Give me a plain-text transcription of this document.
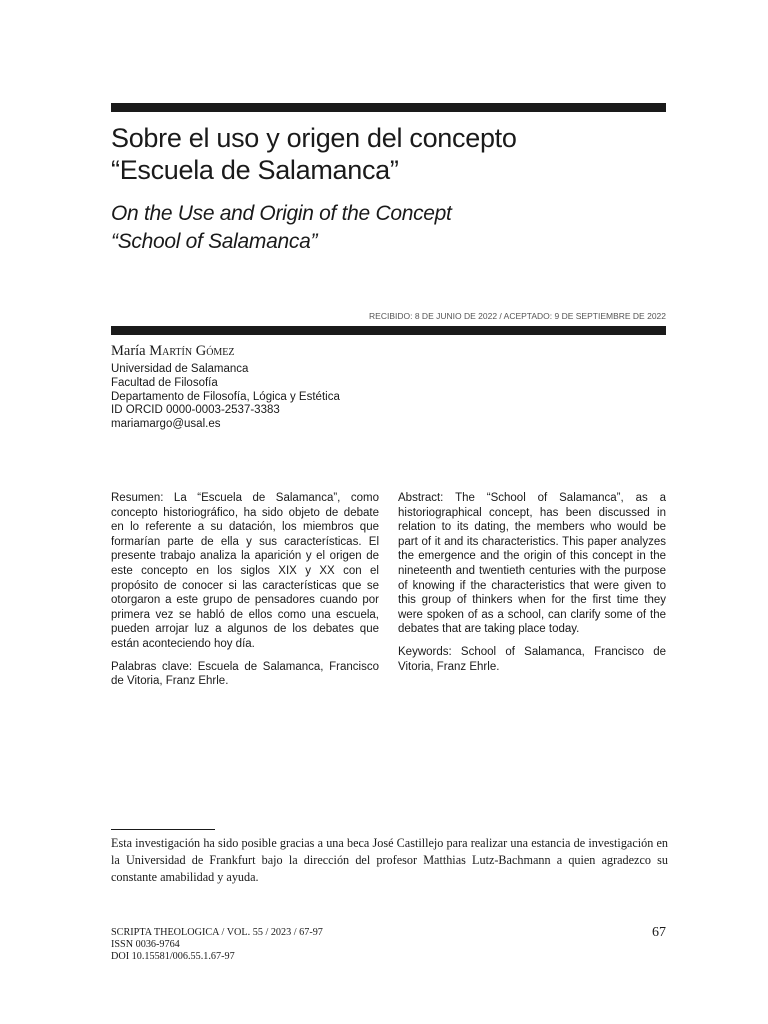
Sobre el uso y origen del concepto
“Escuela de Salamanca”
On the Use and Origin of the Concept
“School of Salamanca”
RECIBIDO: 8 DE JUNIO DE 2022 / ACEPTADO: 9 DE SEPTIEMBRE DE 2022
María Martín Gómez
Universidad de Salamanca
Facultad de Filosofía
Departamento de Filosofía, Lógica y Estética
ID ORCID 0000-0003-2537-3383
mariamargo@usal.es

Resumen: La “Escuela de Salamanca”, como concepto historiográfico, ha sido objeto de debate en lo referente a su datación, los miembros que formarían parte de ella y sus características. El presente trabajo analiza la aparición y el origen de este concepto en los siglos XIX y XX con el propósito de conocer si las características que se otorgaron a este grupo de pensadores cuando por primera vez se habló de ellos como una escuela, pueden arrojar luz a algunos de los debates que están aconteciendo hoy día.

Palabras clave: Escuela de Salamanca, Francisco de Vitoria, Franz Ehrle.

Abstract: The “School of Salamanca”, as a historiographical concept, has been discussed in relation to its dating, the members who would be part of it and its characteristics. This paper analyzes the emergence and the origin of this concept in the nineteenth and twentieth centuries with the purpose of knowing if the characteristics that were given to this group of thinkers when for the first time they were spoken of as a school, can clarify some of the debates that are taking place today.

Keywords: School of Salamanca, Francisco de Vitoria, Franz Ehrle.

Esta investigación ha sido posible gracias a una beca José Castillejo para realizar una estancia de investigación en la Universidad de Frankfurt bajo la dirección del profesor Matthias Lutz-Bachmann a quien agradezco su constante amabilidad y ayuda.
SCRIPTA THEOLOGICA / VOL. 55 / 2023 / 67-97
ISSN 0036-9764
DOI 10.15581/006.55.1.67-97
67
